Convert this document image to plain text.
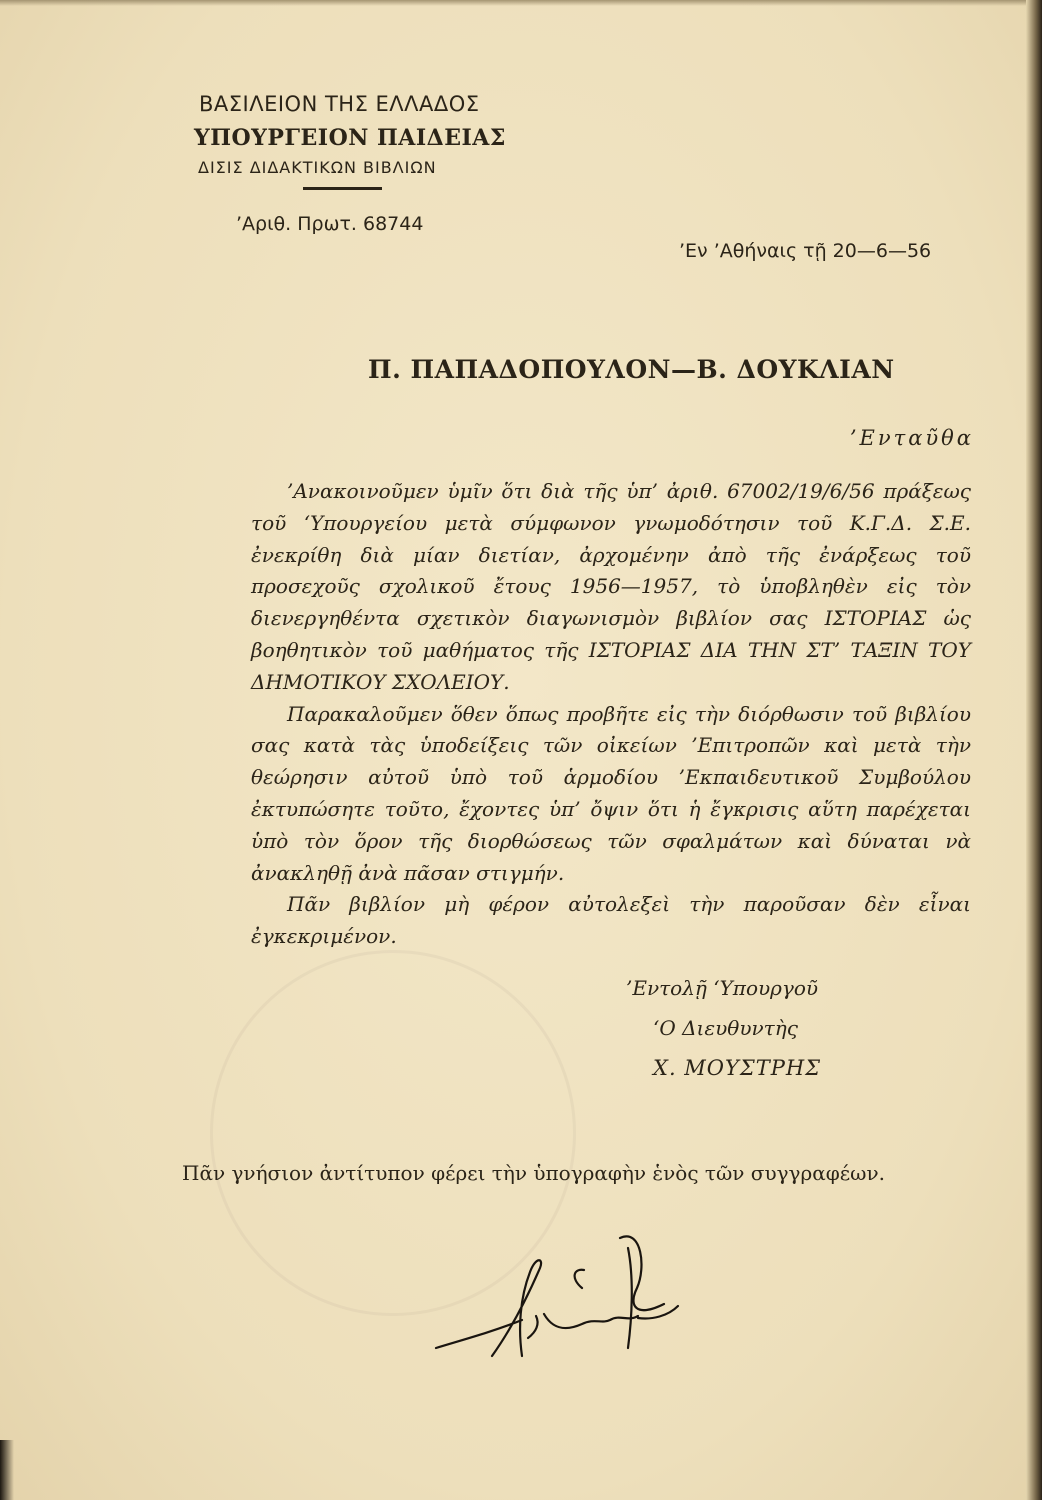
ΒΑΣΙΛΕΙΟΝ ΤΗΣ ΕΛΛΑΔΟΣ
ΥΠΟΥΡΓΕΙΟΝ ΠΑΙΔΕΙΑΣ
ΔΙΣΙΣ ΔΙΔΑΚΤΙΚΩΝ ΒΙΒΛΙΩΝ
’Αριθ. Πρωτ. 68744
’Εν ’Αθήναις τῇ 20—6—56
Π. ΠΑΠΑΔΟΠΟΥΛΟΝ—Β. ΔΟΥΚΛΙΑΝ
’Ενταῦθα

’Ανακοινοῦμεν ὑμῖν ὅτι διὰ τῆς ὑπ’ ἀριθ. 67002/19/6/56 πράξεως τοῦ ‘Υπουργείου μετὰ σύμφωνον γνωμοδότησιν τοῦ Κ.Γ.Δ. Σ.Ε. ἐνεκρίθη διὰ μίαν διετίαν, ἀρχομένην ἀπὸ τῆς ἐνάρξεως τοῦ προσεχοῦς σχολικοῦ ἔτους 1956—1957, τὸ ὑποβληθὲν εἰς τὸν διενεργηθέντα σχετικὸν διαγωνισμὸν βιβλίον σας ΙΣΤΟΡΙΑΣ ὡς βοηθητικὸν τοῦ μαθήματος τῆς ΙΣΤΟΡΙΑΣ ΔΙΑ ΤΗΝ ΣΤ’ ΤΑΞΙΝ ΤΟΥ ΔΗΜΟΤΙΚΟΥ ΣΧΟΛΕΙΟΥ.

Παρακαλοῦμεν ὅθεν ὅπως προβῆτε εἰς τὴν διόρθωσιν τοῦ βιβλίου σας κατὰ τὰς ὑποδείξεις τῶν οἰκείων ’Επιτροπῶν καὶ μετὰ τὴν θεώρησιν αὐτοῦ ὑπὸ τοῦ ἁρμοδίου ’Εκπαιδευτικοῦ Συμβούλου ἐκτυπώσητε τοῦτο, ἔχοντες ὑπ’ ὄψιν ὅτι ἡ ἔγκρισις αὕτη παρέχεται ὑπὸ τὸν ὅρον τῆς διορθώσεως τῶν σφαλμάτων καὶ δύναται νὰ ἀνακληθῇ ἀνὰ πᾶσαν στιγμήν.

Πᾶν βιβλίον μὴ φέρον αὐτολεξεὶ τὴν παροῦσαν δὲν εἶναι ἐγκεκριμένον.

’Εντολῇ ‘Υπουργοῦ
‘Ο Διευθυντὴς
Χ. ΜΟΥΣΤΡΗΣ
Πᾶν γνήσιον ἀντίτυπον φέρει τὴν ὑπογραφὴν ἑνὸς τῶν συγγραφέων.
